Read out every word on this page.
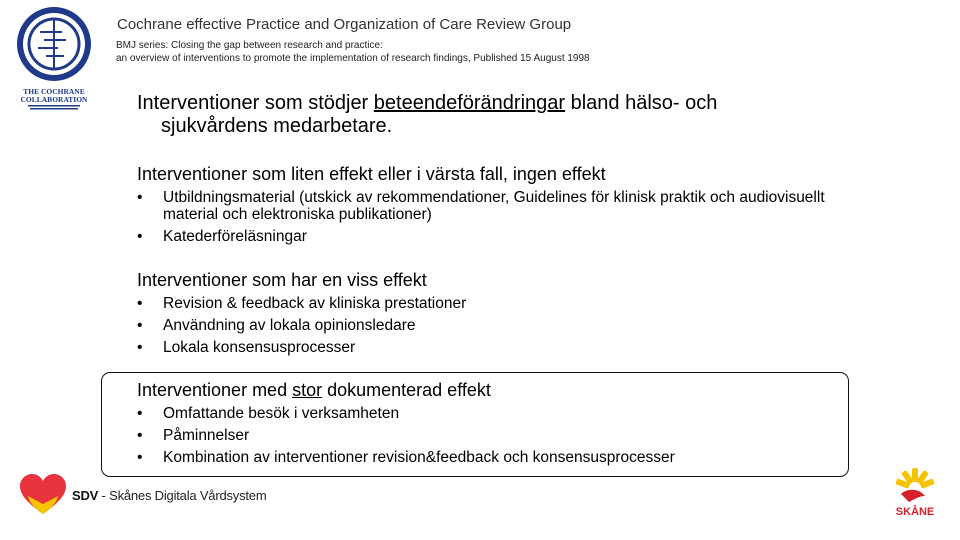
THE COCHRANE
COLLABORATION
Cochrane effective Practice and Organization of Care Review Group
BMJ series: Closing the gap between research and practice:
an overview of interventions to promote the implementation of research findings, Published 15 August 1998
Interventioner som stödjer beteendeförändringar bland hälso- och
sjukvårdens medarbetare.
Interventioner som liten effekt eller i värsta fall, ingen effekt
• Utbildningsmaterial (utskick av rekommendationer, Guidelines för klinisk praktik och audiovisuellt material och elektroniska publikationer)
• Katederföreläsningar
Interventioner som har en viss effekt
• Revision & feedback av kliniska prestationer
• Användning av lokala opinionsledare
• Lokala konsensusprocesser
Interventioner med stor dokumenterad effekt
• Omfattande besök i verksamheten
• Påminnelser
• Kombination av interventioner revision&feedback och konsensusprocesser
SDV - Skånes Digitala Vårdsystem
SKÅNE
